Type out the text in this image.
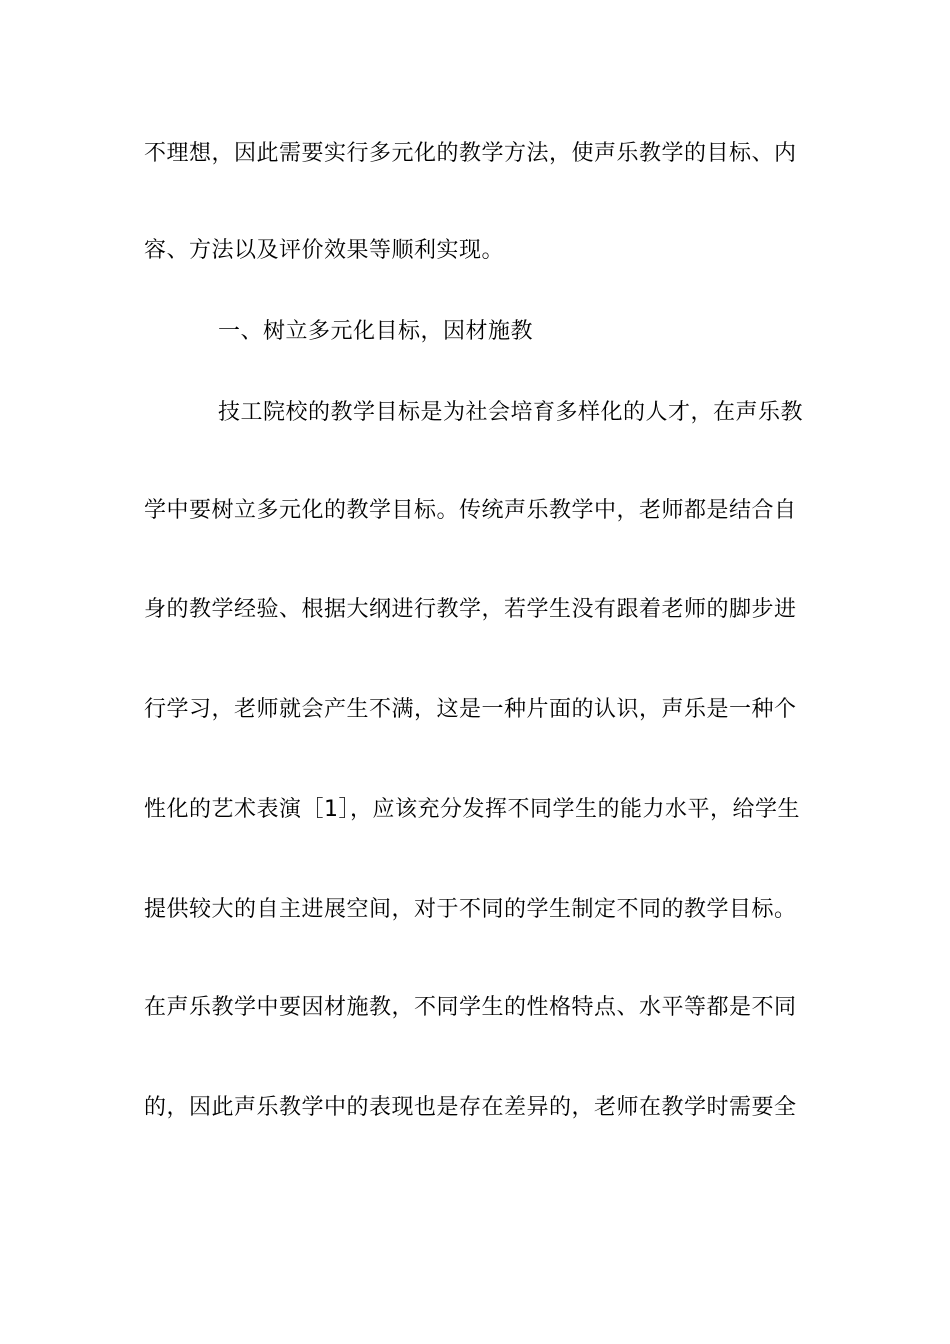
不理想，因此需要实行多元化的教学方法，使声乐教学的目标、内
容、方法以及评价效果等顺利实现。
一、树立多元化目标，因材施教
技工院校的教学目标是为社会培育多样化的人才，在声乐教
学中要树立多元化的教学目标。传统声乐教学中，老师都是结合自
身的教学经验、根据大纲进行教学，若学生没有跟着老师的脚步进
行学习，老师就会产生不满，这是一种片面的认识，声乐是一种个
性化的艺术表演［1］，应该充分发挥不同学生的能力水平，给学生
提供较大的自主进展空间，对于不同的学生制定不同的教学目标。
在声乐教学中要因材施教，不同学生的性格特点、水平等都是不同
的，因此声乐教学中的表现也是存在差异的，老师在教学时需要全
